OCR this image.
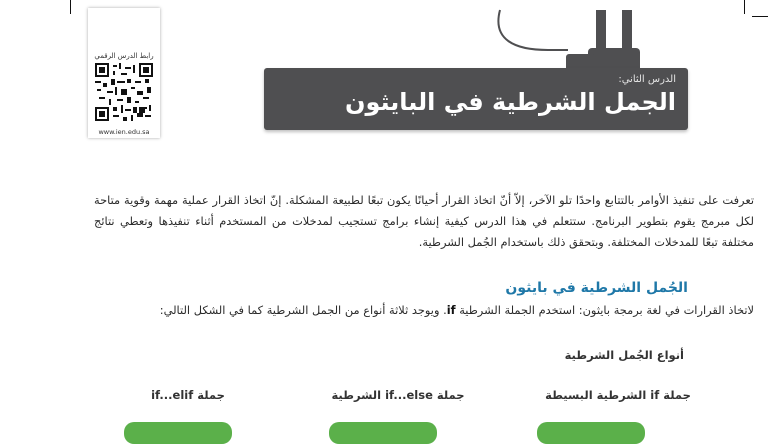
رابط الدرس الرقمي
www.ien.edu.sa
الدرس الثاني:
الجمل الشرطية في البايثون
تعرفت على تنفيذ الأوامر بالتتابع واحدًا تلو الآخر، إلاّ أنّ اتخاذ القرار أحيانًا يكون تبعًا لطبيعة المشكلة. إنّ اتخاذ القرار عملية مهمة وقوية متاحة لكل مبرمج يقوم بتطوير البرنامج. ستتعلم في هذا الدرس كيفية إنشاء برامج تستجيب لمدخلات من المستخدم أثناء تنفيذها وتعطي نتائج مختلفة تبعًا للمدخلات المختلفة. وبتحقق ذلك باستخدام الجُمل الشرطية.
الجُمل الشرطية في بايثون
لاتخاذ القرارات في لغة برمجة بايثون: استخدم الجملة الشرطية if. ويوجد ثلاثة أنواع من الجمل الشرطية كما في الشكل التالي:
أنواع الجُمل الشرطية
جملة if الشرطية البسيطة
جملة if...else الشرطية
جملة if...elif
